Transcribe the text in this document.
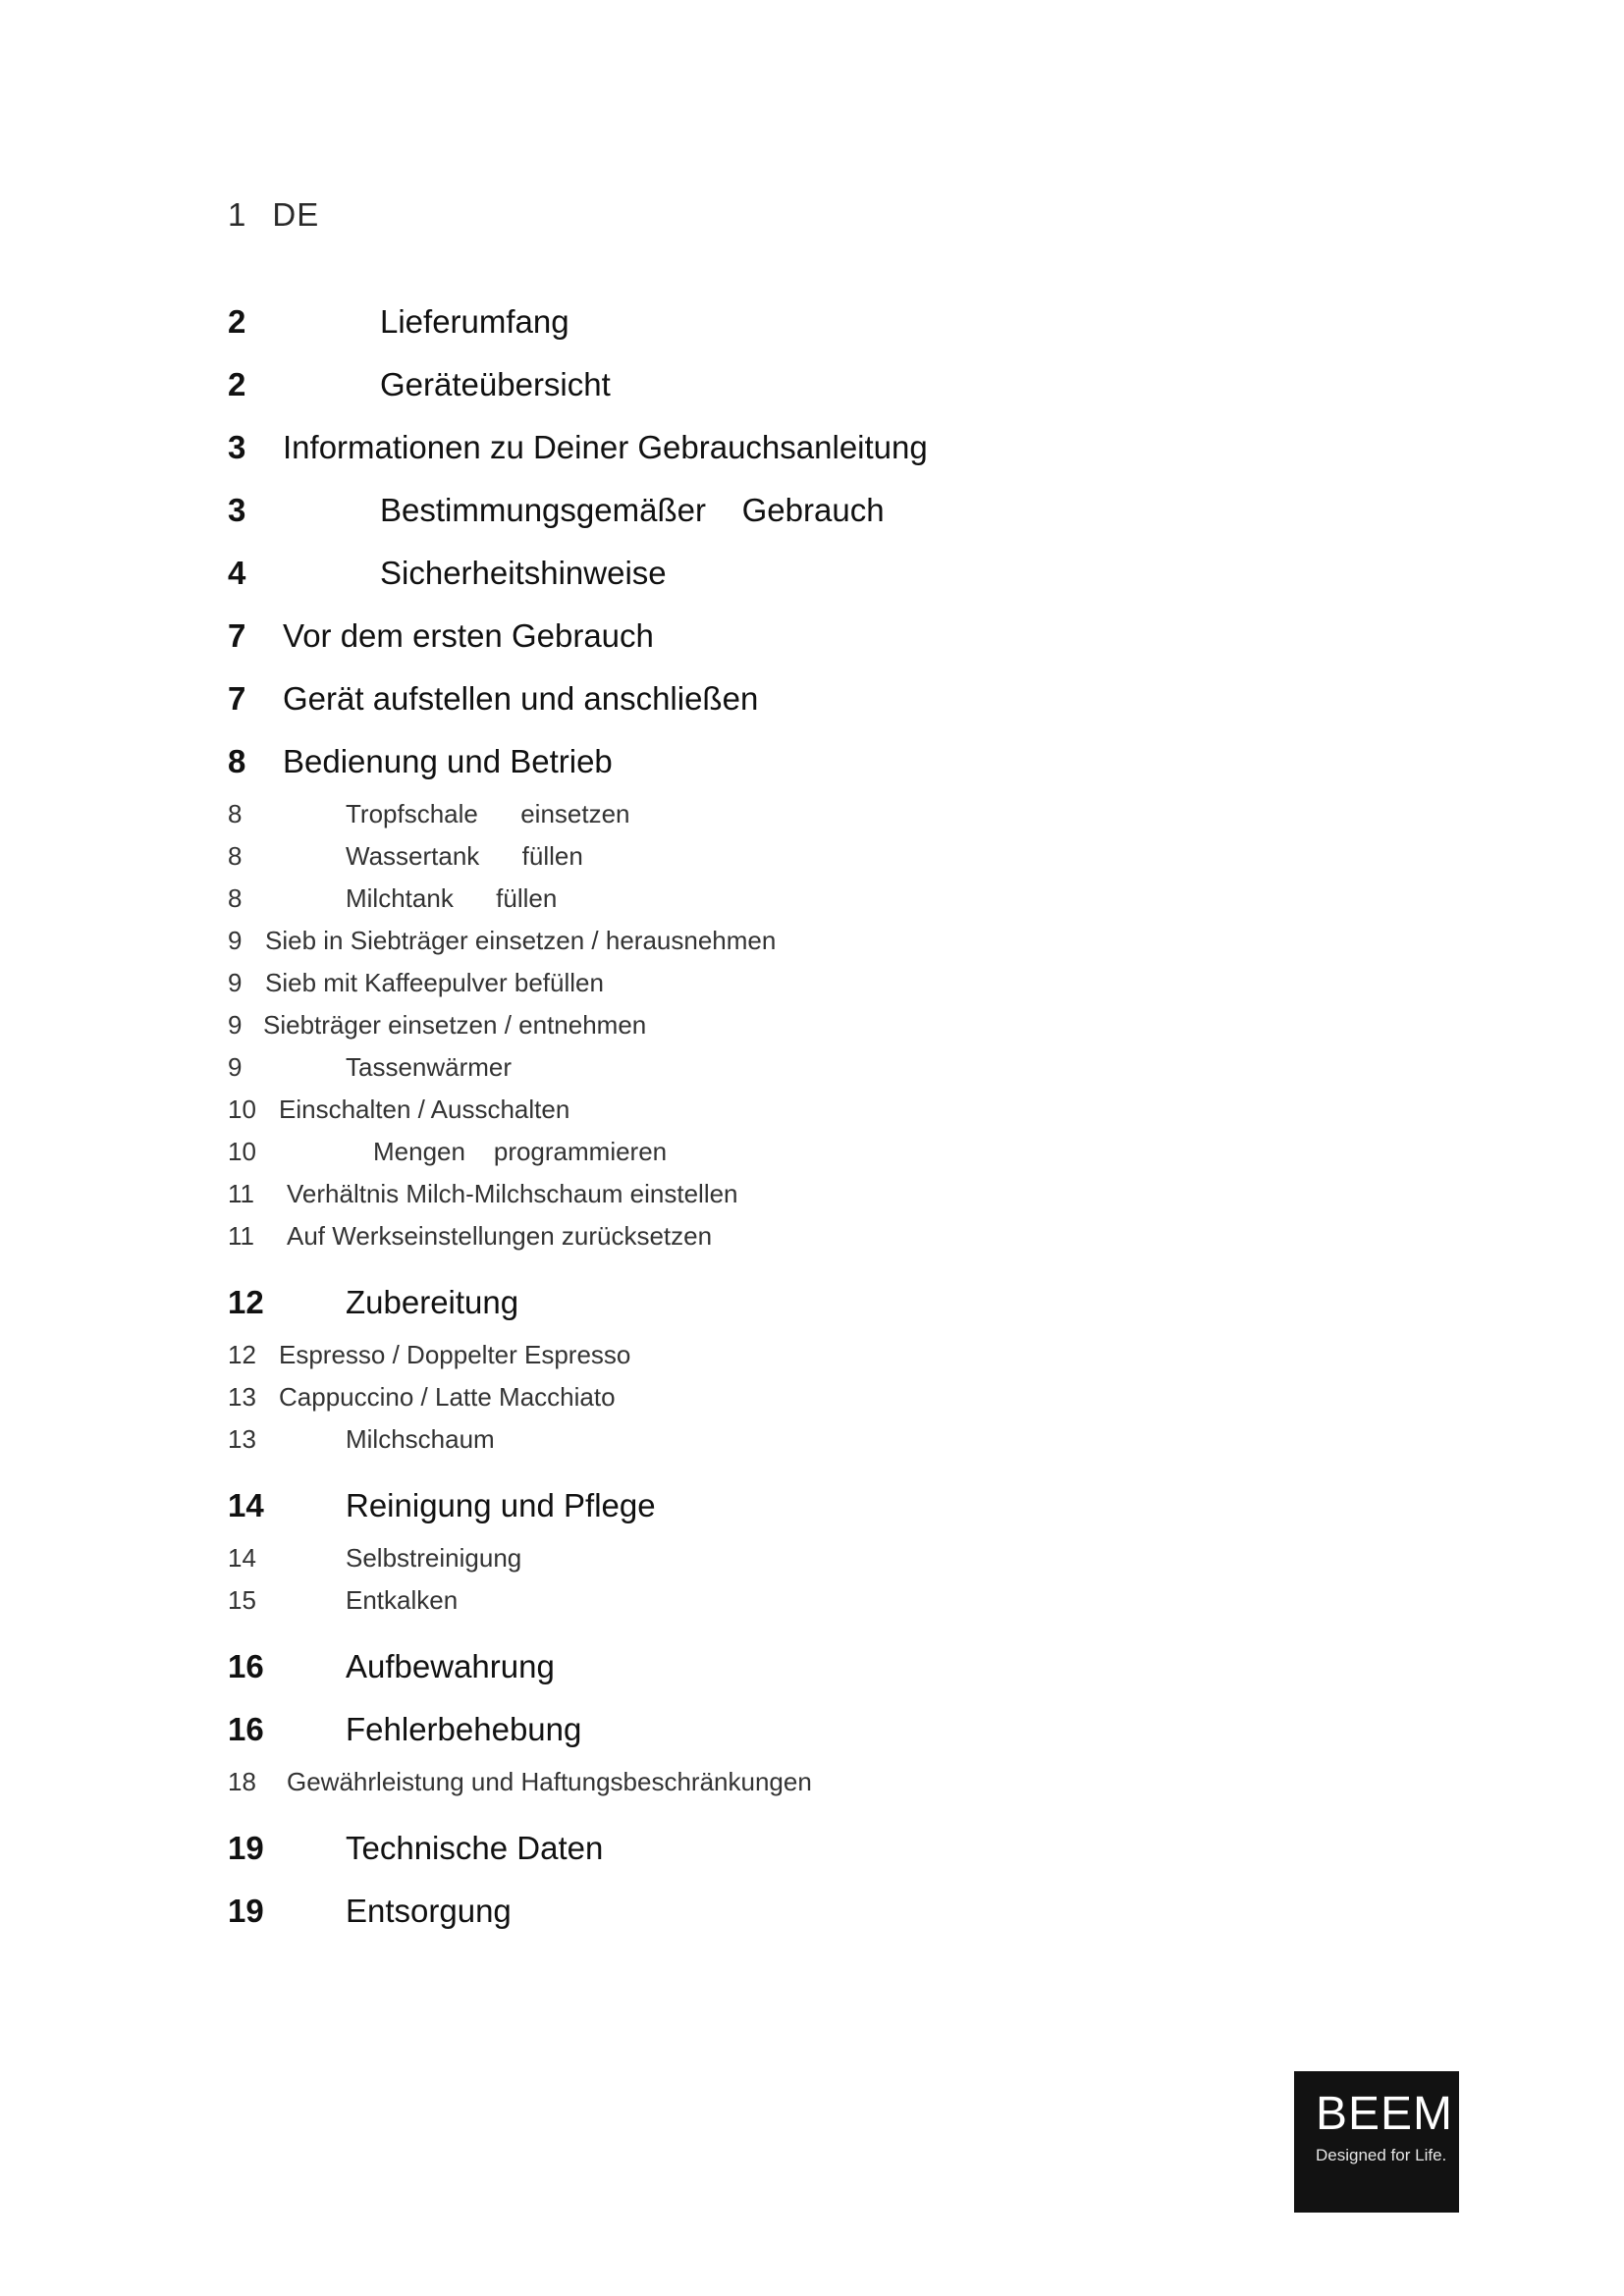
1 DE
2	Lieferumfang
2	Geräteübersicht
3 Informationen zu Deiner Gebrauchsanleitung
3	Bestimmungsgemäßer    Gebrauch
4	Sicherheitshinweise
7 Vor dem ersten Gebrauch
7 Gerät aufstellen und anschließen
8 Bedienung und Betrieb
8	Tropfschale      einsetzen
8	Wassertank      füllen
8	Milchtank      füllen
9 Sieb in Siebträger einsetzen / herausnehmen
9 Sieb mit Kaffeepulver befüllen
9 Siebträger einsetzen / entnehmen
9	Tassenwärmer
10 Einschalten / Ausschalten
10	Mengen    programmieren
11 Verhältnis Milch-Milchschaum einstellen
11 Auf Werkseinstellungen zurücksetzen
12	Zubereitung
12 Espresso / Doppelter Espresso
13 Cappuccino / Latte Macchiato
13	Milchschaum
14	Reinigung und Pflege
14	Selbstreinigung
15	Entkalken
16	Aufbewahrung
16	Fehlerbehebung
18 Gewährleistung und Haftungsbeschränkungen
19	Technische Daten
19	Entsorgung
BEEM
Designed for Life.
